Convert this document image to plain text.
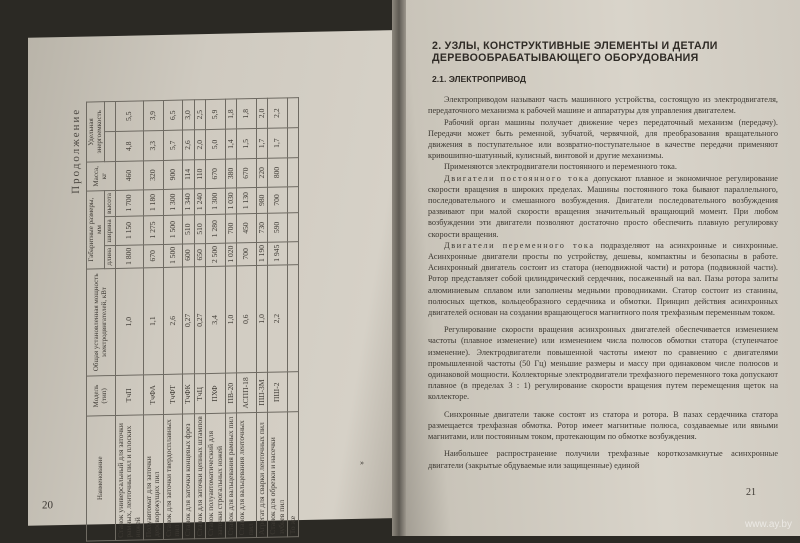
Продолжение
Наименование	Модель (тип)	Общая установленная мощность электродвигателей, кВт	Габаритные размеры, мм			Масса, кг	Удельная энергоемкость	
			длина	ширина	высота			
Станок универсальный для заточки рамных, ленточных пил и плоских ножей	ТчП	1,0	1 800	1 150	1 700	460	4,8	5,5
Полуавтомат для заточки дереворежущих пил	ТчФА	1,1	670	1 275	1 180	320	3,3	3,9
Станок для заточки твердосплавных пил	ТчФТ	2,6	1 500	1 500	1 300	900	5,7	6,5
Станок для заточки концевых фрез	ТчФК	0,27	600	510	1 340	114	2,6	3,0
Станок для заточки цепных штампов	ТчЦ	0,27	650	510	1 240	110	2,0	2,5
Станок полуавтоматический для заточки строгальных ножей	ПХФ	3,4	2 500	1 280	1 300	670	5,0	5,9
Станок для вальцевания рамных пил	ПВ-20	1,0	1 020	700	1 030	380	1,4	1,8
Станок для вальцевания ленточных пил	АСПП-18	0,6	700	450	1 130	670	1,5	1,8
Агрегат для сварки ленточных пил	ПШ-3М	1,0	1 190	730	980	220	1,7	2,0
Станок для обрезки и насечки зубьев пил	ПШ-2	2,2	1 945	590	700	800	1,7	2,2
То же								
»
20
2. УЗЛЫ, КОНСТРУКТИВНЫЕ ЭЛЕМЕНТЫ И ДЕТАЛИ ДЕРЕВООБРАБАТЫВАЮЩЕГО ОБОРУДОВАНИЯ
2.1. ЭЛЕКТРОПРИВОД

Электроприводом называют часть машинного устройства, состоящую из электродвигателя, передаточного механизма к рабочей машине и аппаратуры для управления двигателем.

Рабочий орган машины получает движение через передаточный механизм (передачу). Передачи может быть ременной, зубчатой, червячной, для преобразования вращательного движения в поступательное или возвратно-поступательное в качестве передачи применяют кривошипно-шатунный, кулисный, винтовой и другие механизмы.

Применяются электродвигатели постоянного и переменного тока.

Двигатели постоянного тока допускают плавное и экономичное регулирование скорости вращения в широких пределах. Машины постоянного тока бывают параллельного, последовательного и смешанного возбуждения. Двигатели последовательного возбуждения развивают при малой скорости вращения значительный вращающий момент. При любом возбуждении эти двигатели позволяют достаточно просто обеспечить плавную регулировку скорости вращения.

Двигатели переменного тока подразделяют на асинхронные и синхронные. Асинхронные двигатели просты по устройству, дешевы, компактны и безопасны в работе. Асинхронный двигатель состоит из статора (неподвижной части) и ротора (подвижной части). Ротор представляет собой цилиндрический сердечник, посаженный на вал. Пазы ротора залиты алюминиевым сплавом или заполнены медными проводниками. Статор состоит из станины, полюсных щетков, кольцеобразного сердечника и обмотки. Принцип действия асинхронных двигателей основан на создании вращающегося магнитного поля трехфазным переменным током.

Регулирование скорости вращения асинхронных двигателей обеспечивается изменением частоты (плавное изменение) или изменением числа полюсов обмотки статора (ступенчатое изменение). Электродвигатели повышенной частоты имеют по сравнению с двигателями промышленной частоты (50 Гц) меньшие размеры и массу при одинаковом числе полюсов и одинаковой мощности. Коллекторные электродвигатели трехфазного переменного тока допускают плавное (в пределах 3 : 1) регулирование скорости вращения путем перемещения щеток на коллекторе.

Синхронные двигатели также состоят из статора и ротора. В пазах сердечника статора размещается трехфазная обмотка. Ротор имеет магнитные полюса, создаваемые или явными магнитами, или постоянным током, протекающим по обмотке возбуждения.

Наибольшее распространение получили трехфазные короткозамкнутые асинхронные двигатели (закрытые обдуваемые или защищенные) единой

21
www.ay.by
